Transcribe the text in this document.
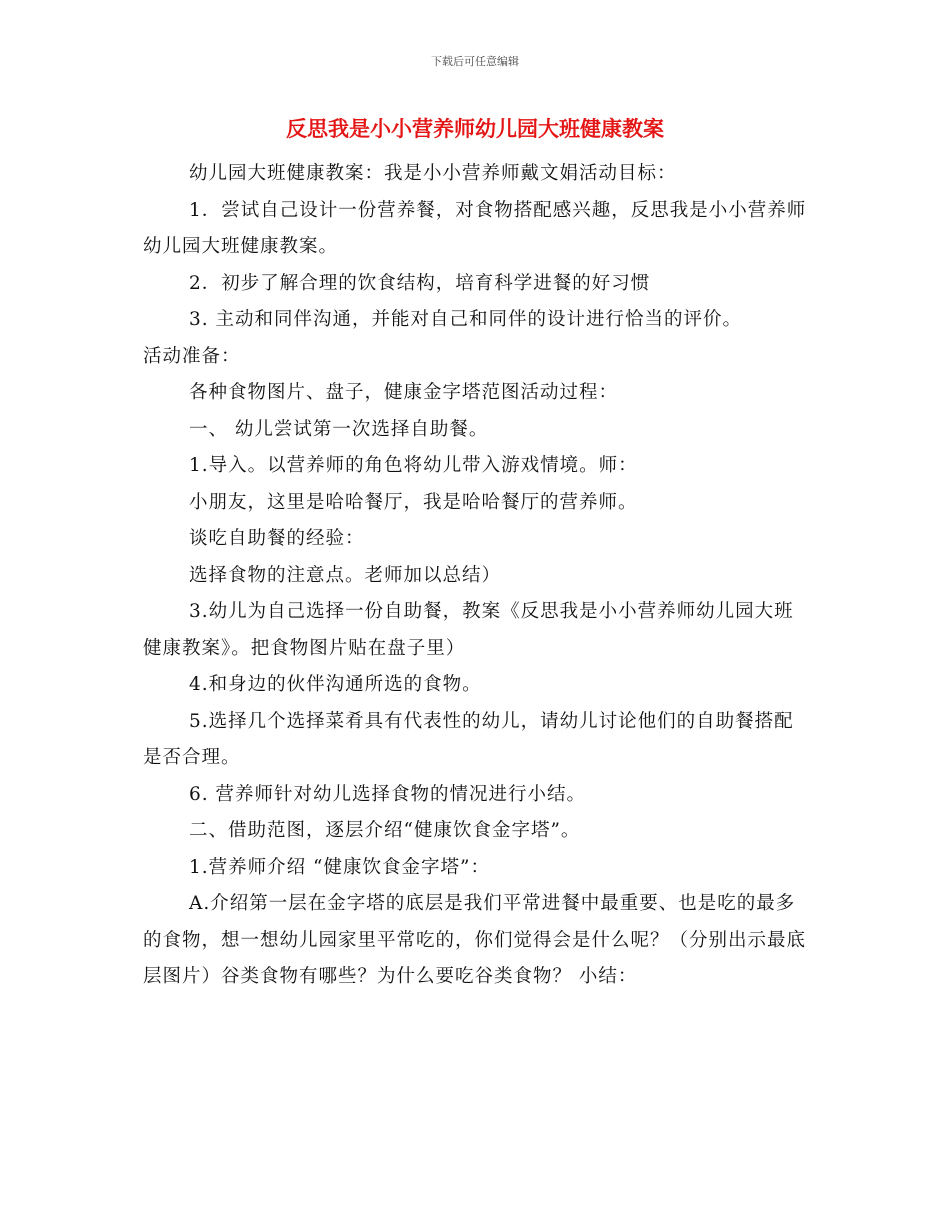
下载后可任意编辑
反思我是小小营养师幼儿园大班健康教案

幼儿园大班健康教案：我是小小营养师戴文娟活动目标：

1．尝试自己设计一份营养餐，对食物搭配感兴趣，反思我是小小营养师幼儿园大班健康教案。

2．初步了解合理的饮食结构，培育科学进餐的好习惯

3. 主动和同伴沟通，并能对自己和同伴的设计进行恰当的评价。

活动准备：

各种食物图片、盘子，健康金字塔范图活动过程：

一、 幼儿尝试第一次选择自助餐。

1.导入。以营养师的角色将幼儿带入游戏情境。师：

小朋友，这里是哈哈餐厅，我是哈哈餐厅的营养师。

谈吃自助餐的经验：

选择食物的注意点。老师加以总结）

3.幼儿为自己选择一份自助餐，教案《反思我是小小营养师幼儿园大班健康教案》。把食物图片贴在盘子里）

4.和身边的伙伴沟通所选的食物。

5.选择几个选择菜肴具有代表性的幼儿，请幼儿讨论他们的自助餐搭配是否合理。

6. 营养师针对幼儿选择食物的情况进行小结。

二、借助范图，逐层介绍“健康饮食金字塔”。

1.营养师介绍 “健康饮食金字塔”：

A.介绍第一层在金字塔的底层是我们平常进餐中最重要、也是吃的最多的食物，想一想幼儿园家里平常吃的，你们觉得会是什么呢？（分别出示最底层图片）谷类食物有哪些？为什么要吃谷类食物？ 小结：
